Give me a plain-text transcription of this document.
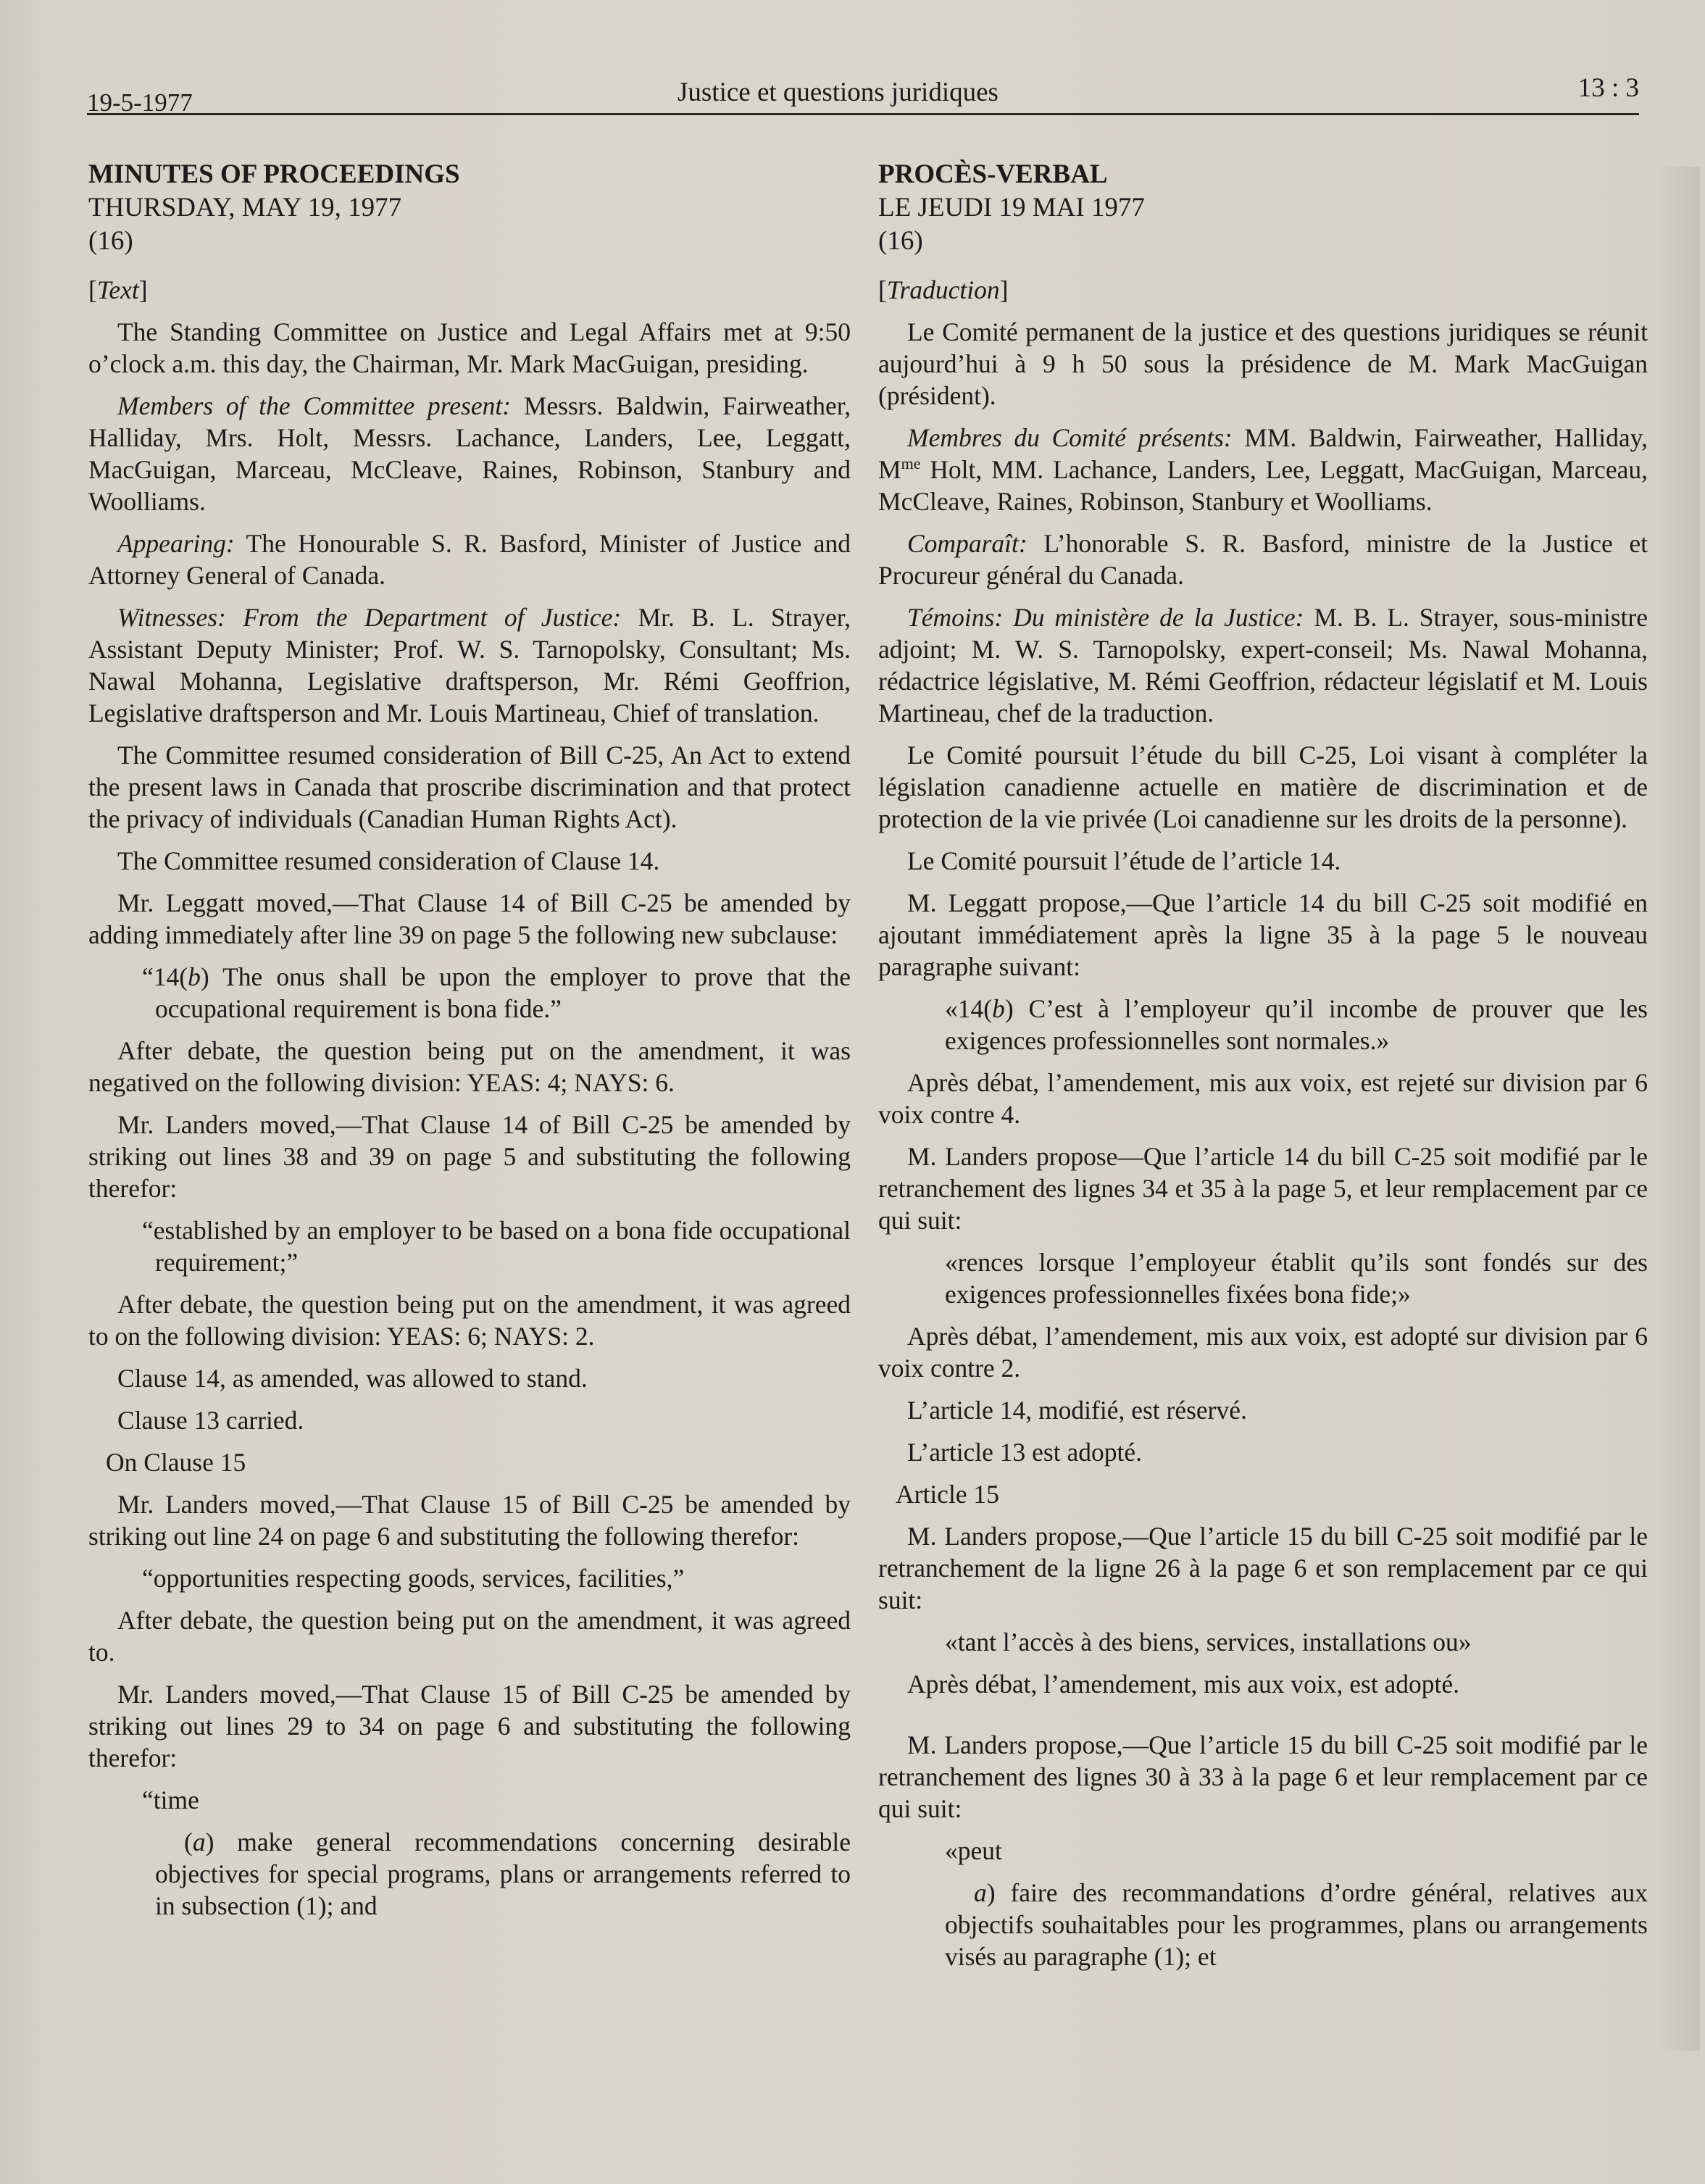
19-5-1977	Justice et questions juridiques	13 : 3
MINUTES OF PROCEEDINGS
THURSDAY, MAY 19, 1977
(16)
[Text]

The Standing Committee on Justice and Legal Affairs met at 9:50 o’clock a.m. this day, the Chairman, Mr. Mark MacGuigan, presiding.

Members of the Committee present: Messrs. Baldwin, Fairweather, Halliday, Mrs. Holt, Messrs. Lachance, Landers, Lee, Leggatt, MacGuigan, Marceau, McCleave, Raines, Robinson, Stanbury and Woolliams.

Appearing: The Honourable S. R. Basford, Minister of Justice and Attorney General of Canada.

Witnesses: From the Department of Justice: Mr. B. L. Strayer, Assistant Deputy Minister; Prof. W. S. Tarnopolsky, Consultant; Ms. Nawal Mohanna, Legislative draftsperson, Mr. Rémi Geoffrion, Legislative draftsperson and Mr. Louis Martineau, Chief of translation.

The Committee resumed consideration of Bill C-25, An Act to extend the present laws in Canada that proscribe discrimination and that protect the privacy of individuals (Canadian Human Rights Act).

The Committee resumed consideration of Clause 14.

Mr. Leggatt moved,—That Clause 14 of Bill C-25 be amended by adding immediately after line 39 on page 5 the following new subclause:

“14(b) The onus shall be upon the employer to prove that the occupational requirement is bona fide.”

After debate, the question being put on the amendment, it was negatived on the following division: YEAS: 4; NAYS: 6.

Mr. Landers moved,—That Clause 14 of Bill C-25 be amended by striking out lines 38 and 39 on page 5 and substituting the following therefor:

“established by an employer to be based on a bona fide occupational requirement;”

After debate, the question being put on the amendment, it was agreed to on the following division: YEAS: 6; NAYS: 2.

Clause 14, as amended, was allowed to stand.

Clause 13 carried.

On Clause 15

Mr. Landers moved,—That Clause 15 of Bill C-25 be amended by striking out line 24 on page 6 and substituting the following therefor:

“opportunities respecting goods, services, facilities,”

After debate, the question being put on the amendment, it was agreed to.

Mr. Landers moved,—That Clause 15 of Bill C-25 be amended by striking out lines 29 to 34 on page 6 and substituting the following therefor:

“time

(a) make general recommendations concerning desirable objectives for special programs, plans or arrangements referred to in subsection (1); and

PROCÈS-VERBAL
LE JEUDI 19 MAI 1977
(16)
[Traduction]

Le Comité permanent de la justice et des questions juridiques se réunit aujourd’hui à 9 h 50 sous la présidence de M. Mark MacGuigan (président).

Membres du Comité présents: MM. Baldwin, Fairweather, Halliday, $M^{me}$ Holt, MM. Lachance, Landers, Lee, Leggatt, MacGuigan, Marceau, McCleave, Raines, Robinson, Stanbury et Woolliams.

Comparaît: L’honorable S. R. Basford, ministre de la Justice et Procureur général du Canada.

Témoins: Du ministère de la Justice: M. B. L. Strayer, sous-ministre adjoint; M. W. S. Tarnopolsky, expert-conseil; Ms. Nawal Mohanna, rédactrice législative, M. Rémi Geoffrion, rédacteur législatif et M. Louis Martineau, chef de la traduction.

Le Comité poursuit l’étude du bill C-25, Loi visant à compléter la législation canadienne actuelle en matière de discrimination et de protection de la vie privée (Loi canadienne sur les droits de la personne).

Le Comité poursuit l’étude de l’article 14.

M. Leggatt propose,—Que l’article 14 du bill C-25 soit modifié en ajoutant immédiatement après la ligne 35 à la page 5 le nouveau paragraphe suivant:

«14(b) C’est à l’employeur qu’il incombe de prouver que les exigences professionnelles sont normales.»

Après débat, l’amendement, mis aux voix, est rejeté sur division par 6 voix contre 4.

M. Landers propose—Que l’article 14 du bill C-25 soit modifié par le retranchement des lignes 34 et 35 à la page 5, et leur remplacement par ce qui suit:

«rences lorsque l’employeur établit qu’ils sont fondés sur des exigences professionnelles fixées bona fide;»

Après débat, l’amendement, mis aux voix, est adopté sur division par 6 voix contre 2.

L’article 14, modifié, est réservé.

L’article 13 est adopté.

Article 15

M. Landers propose,—Que l’article 15 du bill C-25 soit modifié par le retranchement de la ligne 26 à la page 6 et son remplacement par ce qui suit:

«tant l’accès à des biens, services, installations ou»

Après débat, l’amendement, mis aux voix, est adopté.

M. Landers propose,—Que l’article 15 du bill C-25 soit modifié par le retranchement des lignes 30 à 33 à la page 6 et leur remplacement par ce qui suit:

«peut

a) faire des recommandations d’ordre général, relatives aux objectifs souhaitables pour les programmes, plans ou arrangements visés au paragraphe (1); et
